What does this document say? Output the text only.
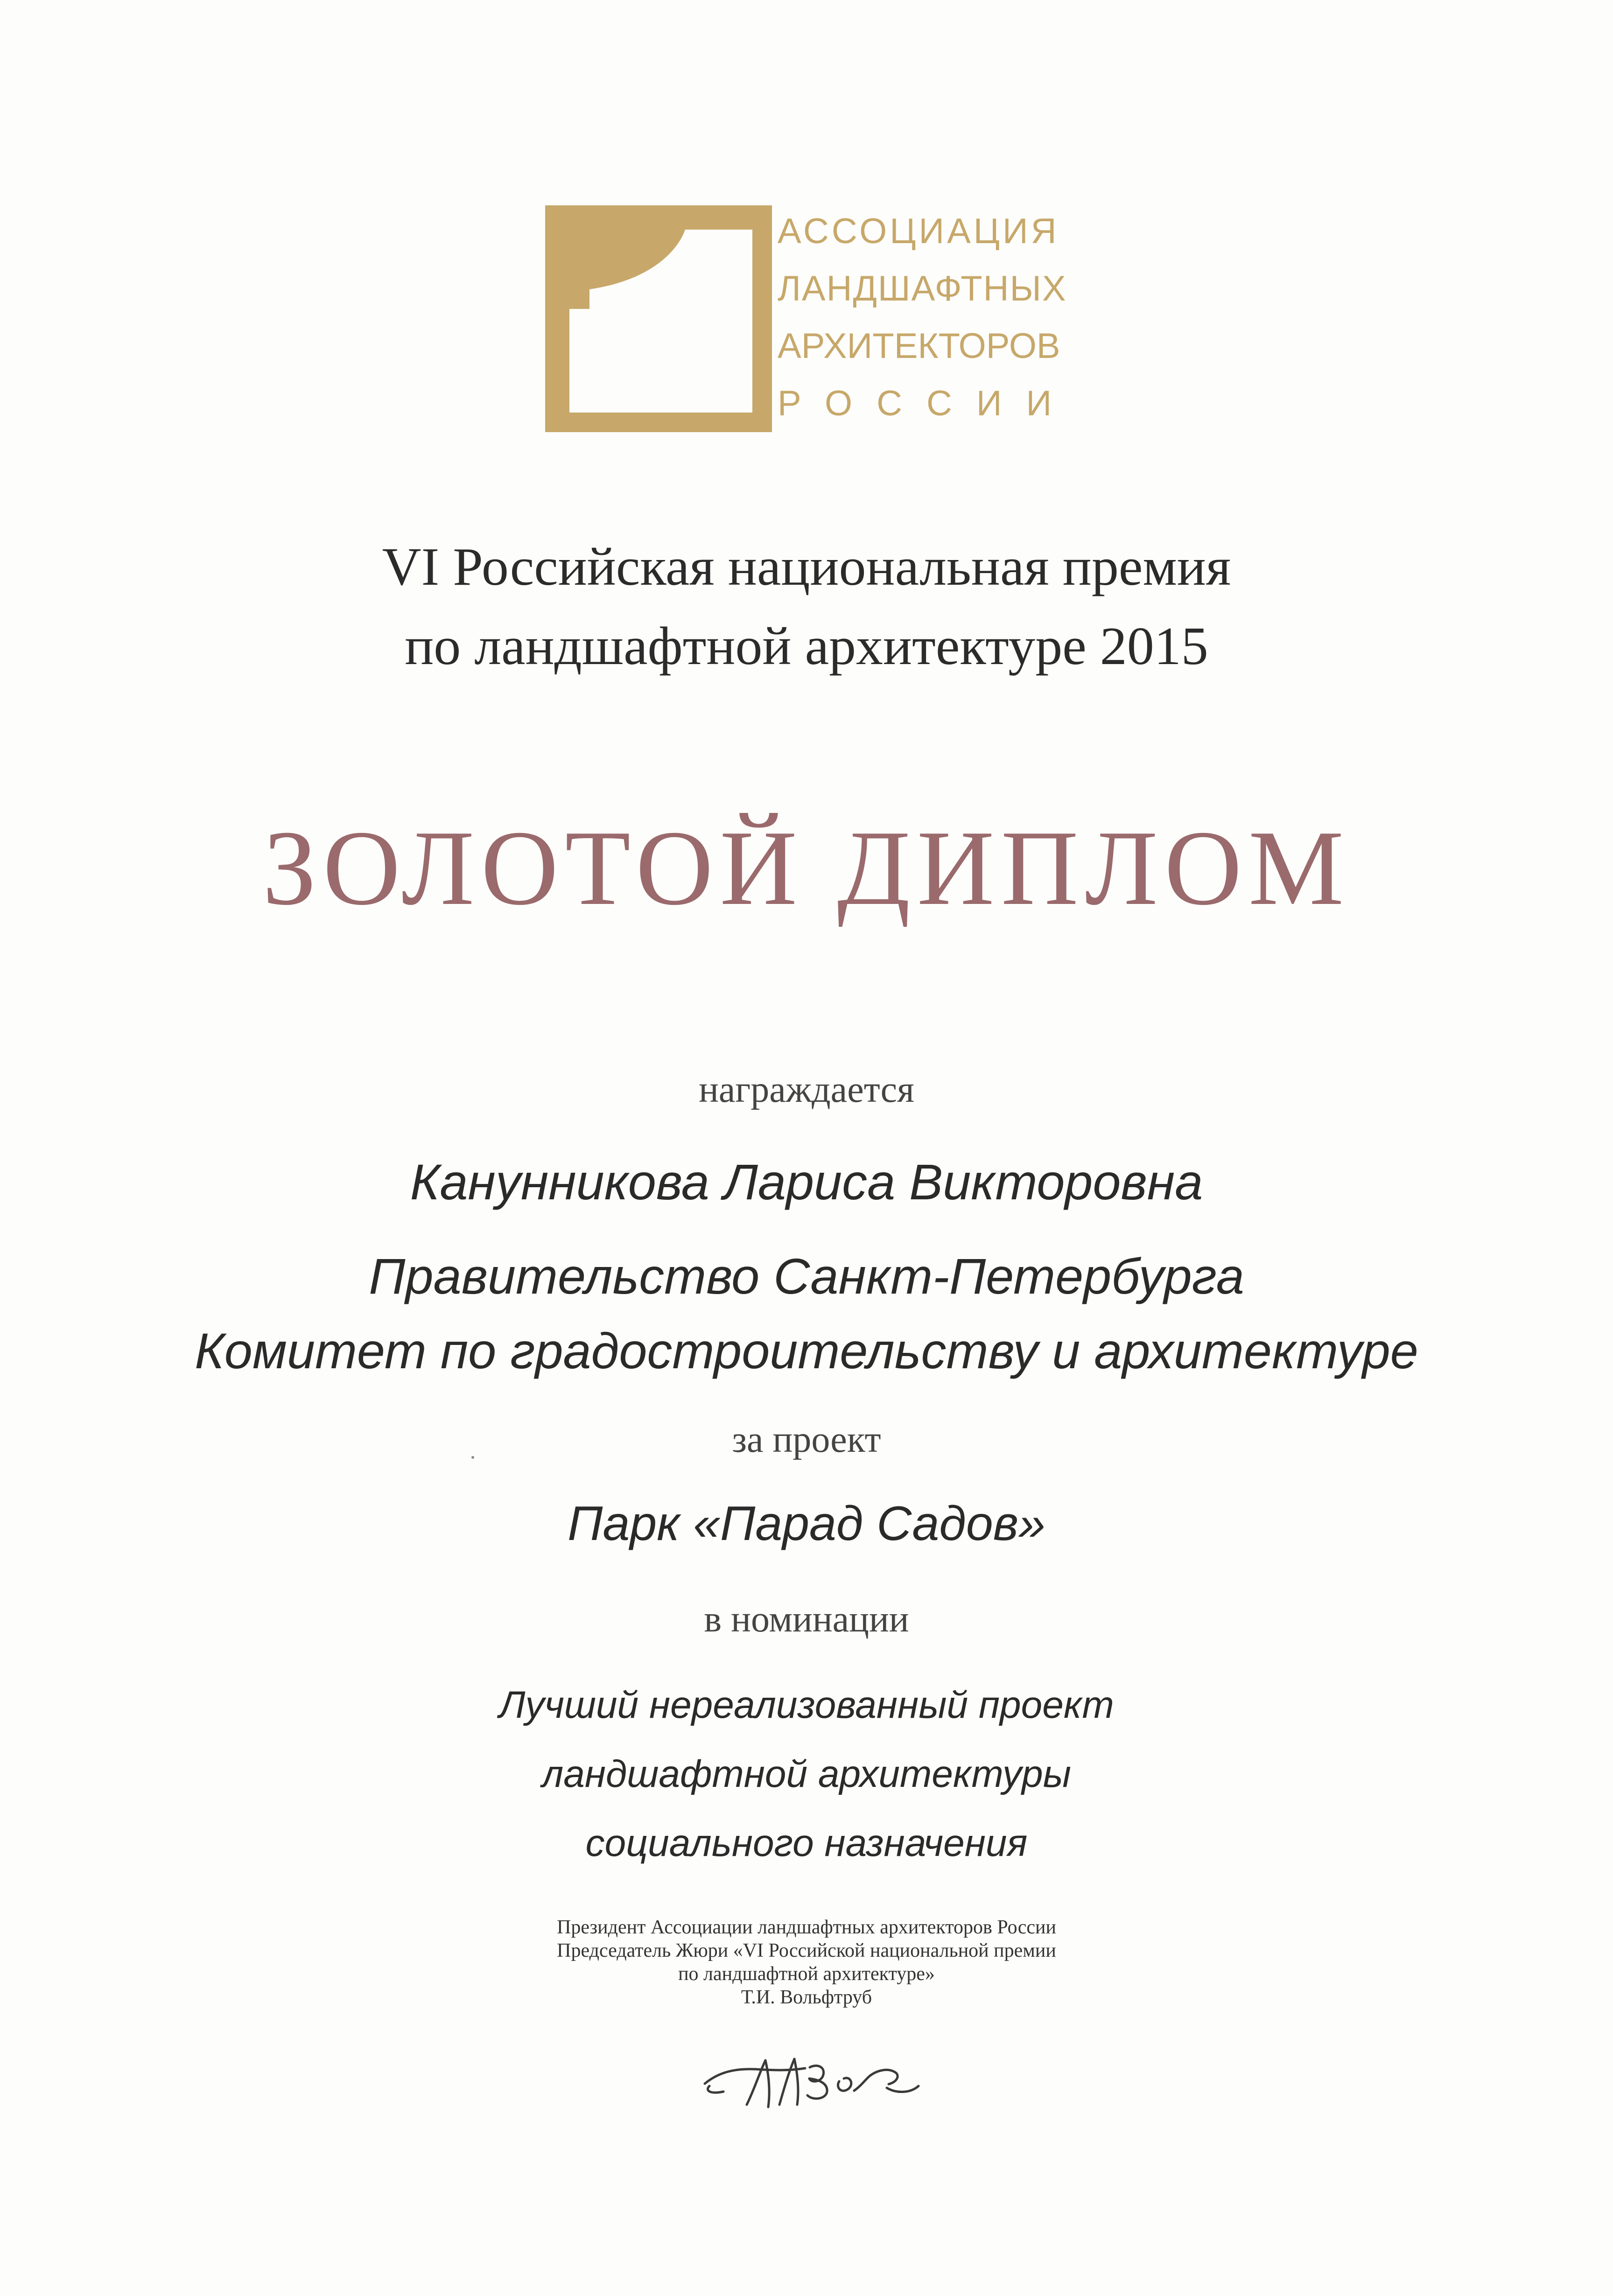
АССОЦИАЦИЯ
ЛАНДШАФТНЫХ
АРХИТЕКТОРОВ
РОССИИ
VI Российская национальная премия
по ландшафтной архитектуре 2015
ЗОЛОТОЙ ДИПЛОМ
награждается
Канунникова Лариса Викторовна
Правительство Санкт-Петербурга
Комитет по градостроительству и архитектуре
за проект
Парк «Парад Садов»
в номинации
Лучший нереализованный проект
ландшафтной архитектуры
социального назначения
Президент Ассоциации ландшафтных архитекторов России
Председатель Жюри «VI Российской национальной премии
по ландшафтной архитектуре»
Т.И. Вольфтруб
